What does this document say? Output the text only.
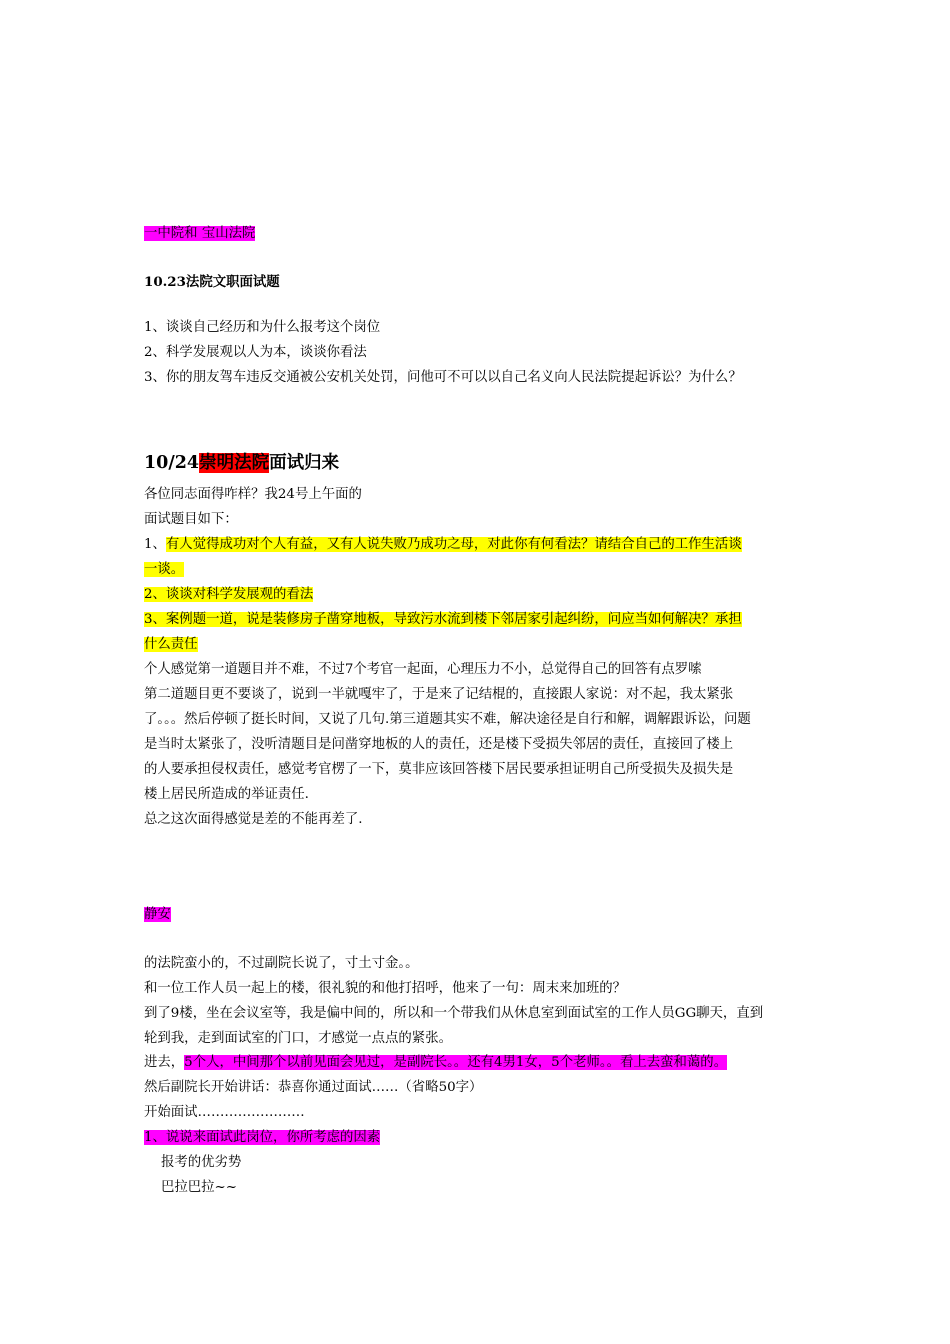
一中院和 宝山法院

10.23法院文职面试题

1、谈谈自己经历和为什么报考这个岗位

2、科学发展观以人为本，谈谈你看法

3、你的朋友驾车违反交通被公安机关处罚，问他可不可以以自己名义向人民法院提起诉讼？为什么？

10/24崇明法院面试归来

各位同志面得咋样？我24号上午面的

面试题目如下：

1、有人觉得成功对个人有益，又有人说失败乃成功之母，对此你有何看法？请结合自己的工作生活谈

一谈。

2、谈谈对科学发展观的看法

3、案例题一道，说是装修房子凿穿地板，导致污水流到楼下邻居家引起纠纷，问应当如何解决？承担

什么责任

个人感觉第一道题目并不难，不过7个考官一起面，心理压力不小，总觉得自己的回答有点罗嗦

第二道题目更不要谈了，说到一半就嘎牢了，于是来了记结棍的，直接跟人家说：对不起，我太紧张

了。。。然后停顿了挺长时间，又说了几句.第三道题其实不难，解决途径是自行和解，调解跟诉讼，问题

是当时太紧张了，没听清题目是问凿穿地板的人的责任，还是楼下受损失邻居的责任，直接回了楼上

的人要承担侵权责任，感觉考官楞了一下，莫非应该回答楼下居民要承担证明自己所受损失及损失是

楼上居民所造成的举证责任.

总之这次面得感觉是差的不能再差了.

静安

的法院蛮小的，不过副院长说了，寸土寸金。。

和一位工作人员一起上的楼，很礼貌的和他打招呼，他来了一句：周末来加班的？

到了9楼，坐在会议室等，我是偏中间的，所以和一个带我们从休息室到面试室的工作人员GG聊天，直到

轮到我，走到面试室的门口，才感觉一点点的紧张。

进去，5个人，中间那个以前见面会见过，是副院长。。还有4男1女，5个老师。。看上去蛮和蔼的。

然后副院长开始讲话：恭喜你通过面试……（省略50字）

开始面试……………………

1、说说来面试此岗位，你所考虑的因素

报考的优劣势

巴拉巴拉~~
